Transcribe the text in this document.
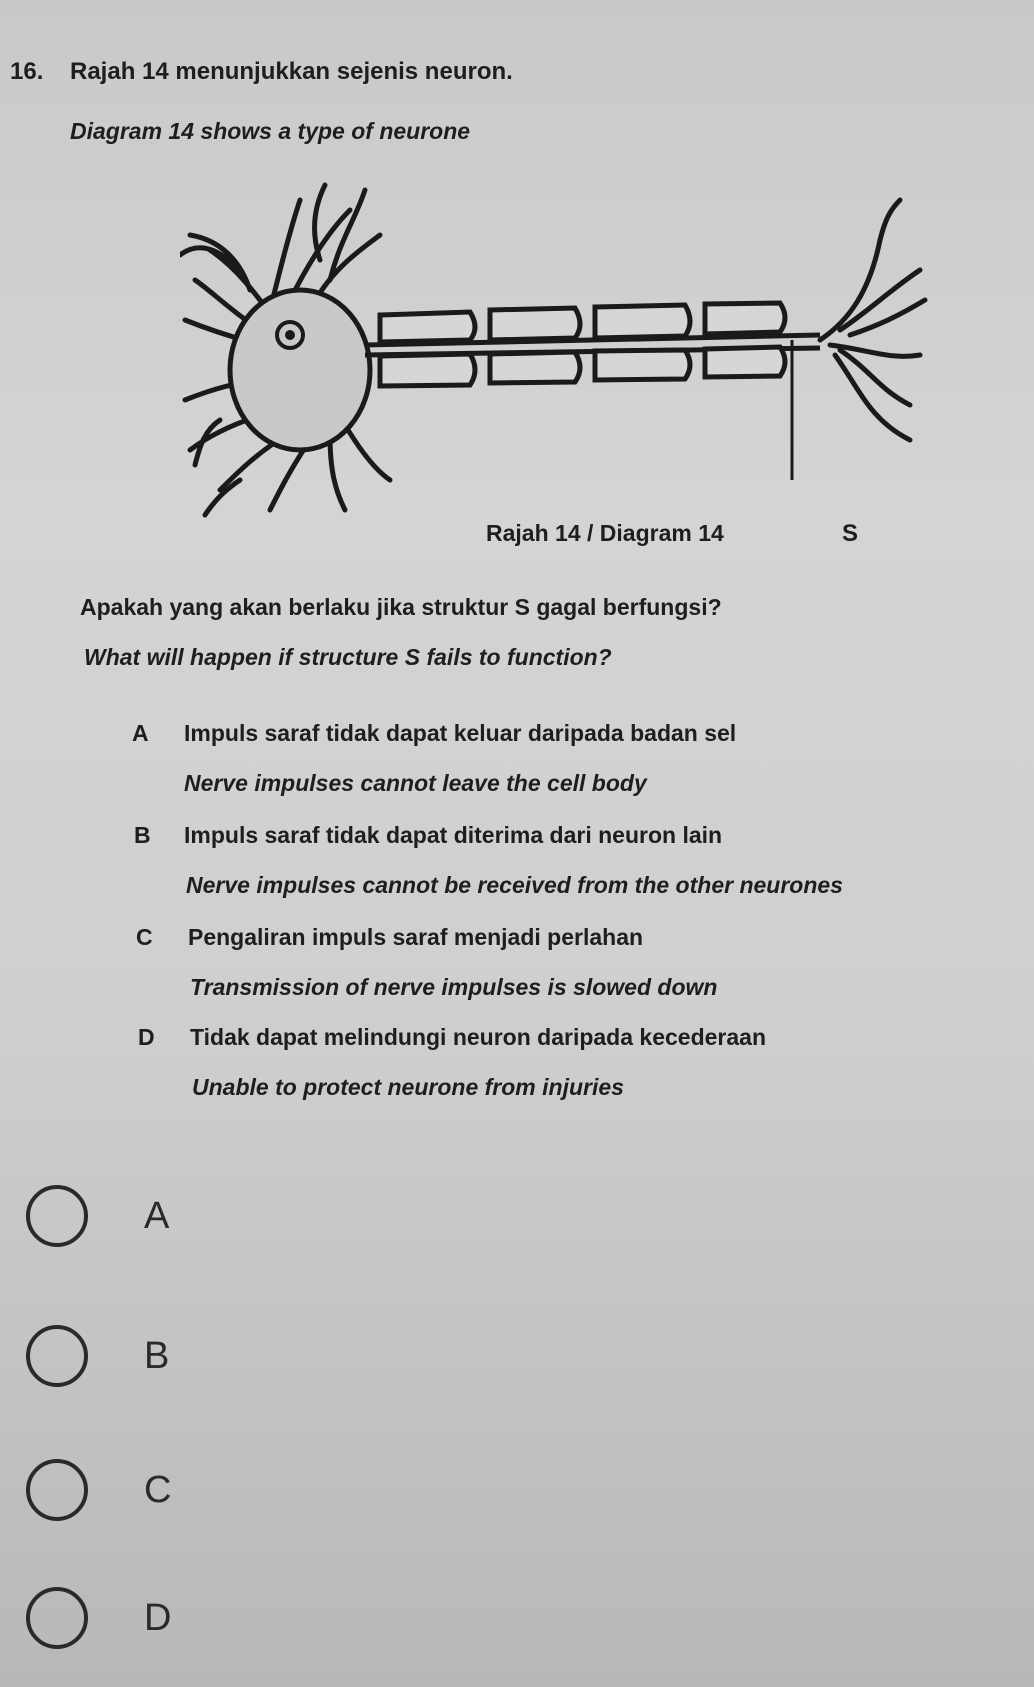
16. Rajah 14 menunjukkan sejenis neuron.
Diagram 14 shows a type of neurone
Rajah 14 / Diagram 14	S
Apakah yang akan berlaku jika struktur S gagal berfungsi?
What will happen if structure S fails to function?
A Impuls saraf tidak dapat keluar daripada badan sel
Nerve impulses cannot leave the cell body
B Impuls saraf tidak dapat diterima dari neuron lain
Nerve impulses cannot be received from the other neurones
C Pengaliran impuls saraf menjadi perlahan
Transmission of nerve impulses is slowed down
D Tidak dapat melindungi neuron daripada kecederaan
Unable to protect neurone from injuries
A
B
C
D
